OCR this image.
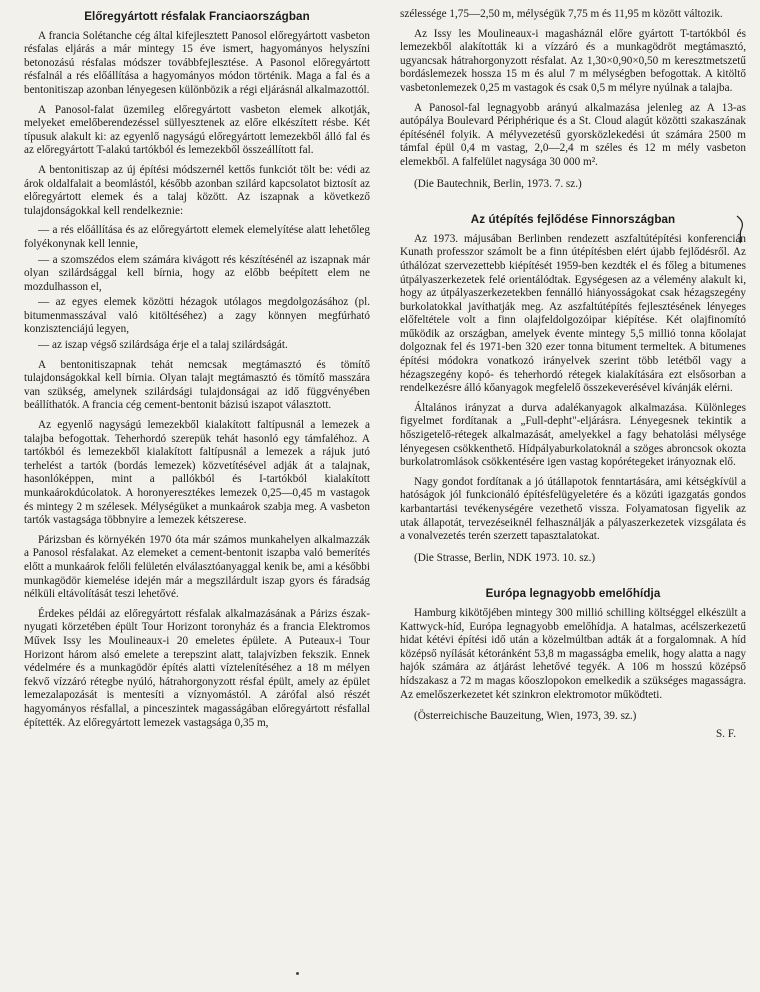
Előregyártott résfalak Franciaországban

A francia Solétanche cég által kifejlesztett Panosol előregyártott vasbeton résfalas eljárás a már mintegy 15 éve ismert, hagyományos helyszíni betonozású résfalas módszer továbbfejlesztése. A Pasonol előregyártott résfalnál a rés előállítása a hagyományos módon történik. Maga a fal és a bentonitiszap azonban lényegesen különbözik a régi eljárásnál alkalmazottól.

A Panosol-falat üzemileg előregyártott vasbeton elemek alkotják, melyeket emelőberendezéssel süllyesztenek az előre elkészített résbe. Két típusuk alakult ki: az egyenlő nagyságú előregyártott lemezekből álló fal és az előregyártott T-alakú tartókból és lemezekből összeállított fal.

A bentonitiszap az új építési módszernél kettős funkciót tölt be: védi az árok oldalfalait a beomlástól, később azonban szilárd kapcsolatot biztosít az előregyártott elemek és a talaj között. Az iszapnak a következő tulajdonságokkal kell rendelkeznie:

— a rés előállítása és az előregyártott elemek elemelyítése alatt lehetőleg folyékonynak kell lennie,

— a szomszédos elem számára kivágott rés készítésénél az iszapnak már olyan szilárdsággal kell bírnia, hogy az előbb beépített elem ne mozdulhasson el,

— az egyes elemek közötti hézagok utólagos megdolgozásához (pl. bitumenmasszával való kitöltéséhez) a zagy könnyen megfúrható konzisztenciájú legyen,

— az iszap végső szilárdsága érje el a talaj szilárdságát.

A bentonitiszapnak tehát nemcsak megtámasztó és tömítő tulajdonságokkal kell bírnia. Olyan talajt megtámasztó és tömítő masszára van szükség, amelynek szilárdsági tulajdonságai az idő függvényében beállíthatók. A francia cég cement-bentonit bázisú iszapot választott.

Az egyenlő nagyságú lemezekből kialakított faltípusnál a lemezek a talajba befogottak. Teherhordó szerepük tehát hasonló egy támfaléhoz. A tartókból és lemezekből kialakított faltípusnál a lemezek a rájuk jutó terhelést a tartók (bordás lemezek) közvetítésével adják át a talajnak, hasonlóképpen, mint a pallókból és I-tartókból kialakított munkaárokdúcolatok. A horonyeresztékes lemezek 0,25—0,45 m vastagok és mintegy 2 m szélesek. Mélységüket a munkaárok szabja meg. A vasbeton tartók vastagsága többnyire a lemezek kétszerese.

Párizsban és környékén 1970 óta már számos munkahelyen alkalmazzák a Panosol résfalakat. Az elemeket a cement-bentonit iszapba való bemerítés előtt a munkaárok felőli felületén elválasztóanyaggal kenik be, ami a későbbi munkagödör kiemelése idején már a megszilárdult iszap gyors és fáradság nélküli eltávolítását teszi lehetővé.

Érdekes példái az előregyártott résfalak alkalmazásának a Párizs észak-nyugati körzetében épült Tour Horizont toronyház és a francia Elektromos Művek Issy les Moulineaux-i 20 emeletes épülete. A Puteaux-i Tour Horizont három alsó emelete a terepszint alatt, talajvízben fekszik. Ennek védelmére és a munkagödör építés alatti víztelenítéséhez a 18 m mélyen fekvő vízzáró rétegbe nyúló, hátrahorgonyzott résfal épült, amely az épület lemezalapozását is mentesíti a víznyomástól. A zárófal alsó részét hagyományos résfallal, a pinceszintek magasságában előregyártott résfallal építették. Az előregyártott lemezek vastagsága 0,35 m,

szélessége 1,75—2,50 m, mélységük 7,75 m és 11,95 m között változik.

Az Issy les Moulineaux-i magasháznál előre gyártott T-tartókból és lemezekből alakították ki a vízzáró és a munkagödröt megtámasztó, ugyancsak hátrahorgonyzott résfalat. Az 1,30×0,90×0,50 m keresztmetszetű bordáslemezek hossza 15 m és alul 7 m mélységben befogottak. A kitöltő vasbetonlemezek 0,25 m vastagok és csak 0,5 m mélyre nyúlnak a talajba.

A Panosol-fal legnagyobb arányú alkalmazása jelenleg az A 13-as autópálya Boulevard Périphérique és a St. Cloud alagút közötti szakaszának építésénél folyik. A mélyvezetésű gyorsközlekedési út számára 2500 m támfal épül 0,4 m vastag, 2,0—2,4 m széles és 12 m mély vasbeton elemekből. A falfelület nagysága 30 000 m².

(Die Bautechnik, Berlin, 1973. 7. sz.)

Az útépítés fejlődése Finnországban

Az 1973. májusában Berlinben rendezett aszfaltútépítési konferencián Kunath professzor számolt be a finn útépítésben elért újabb fejlődésről. Az úthálózat szervezettebb kiépítését 1959-ben kezdték el és főleg a bitumenes útpályaszerkezetek felé orientálódtak. Egységesen az a vélemény alakult ki, hogy az útpályaszerkezetekben fennálló hiányosságokat csak hézagszegény burkolatokkal javíthatják meg. Az aszfaltútépítés fejlesztésének lényeges előfeltétele volt a finn olajfeldolgozóipar kiépítése. Két olajfinomító működik az országban, amelyek évente mintegy 5,5 millió tonna kőolajat dolgoznak fel és 1971-ben 320 ezer tonna bitument termeltek. A bitumenes építési módokra vonatkozó irányelvek szerint több letétből vagy a hézagszegény kopó- és teherhordó rétegek kialakítására ezt elsősorban a rendelkezésre álló kőanyagok megfelelő összekeverésével kívánják elérni.

Általános irányzat a durva adalékanyagok alkalmazása. Különleges figyelmet fordítanak a „Full-depht"-eljárásra. Lényegesnek tekintik a hőszigetelő-rétegek alkalmazását, amelyekkel a fagy behatolási mélysége lényegesen csökkenthető. Hídpályaburkolatoknál a szöges abroncsok okozta burkolatromlások csökkentésére igen vastag kopórétegeket irányoznak elő.

Nagy gondot fordítanak a jó útállapotok fenntartására, ami kétségkívül a hatóságok jól funkcionáló építésfelügyeletére és a közúti igazgatás gondos karbantartási tevékenységére vezethető vissza. Folyamatosan figyelik az utak állapotát, tervezéseiknél felhasználják a pályaszerkezetek vizsgálata és a vonalvezetés terén szerzett tapasztalatokat.

(Die Strasse, Berlin, NDK 1973. 10. sz.)

Európa legnagyobb emelőhídja

Hamburg kikötőjében mintegy 300 millió schilling költséggel elkészült a Kattwyck-híd, Európa legnagyobb emelőhídja. A hatalmas, acélszerkezetű hidat kétévi építési idő után a közelmúltban adták át a forgalomnak. A híd középső nyílását kétoránként 53,8 m magasságba emelik, hogy alatta a nagy hajók számára az átjárást lehetővé tegyék. A 106 m hosszú középső hídszakasz a 72 m magas kőoszlopokon emelkedik a szükséges magasságra. Az emelőszerkezetet két szinkron elektromotor működteti.

(Österreichische Bauzeitung, Wien, 1973, 39. sz.)

S. F.
